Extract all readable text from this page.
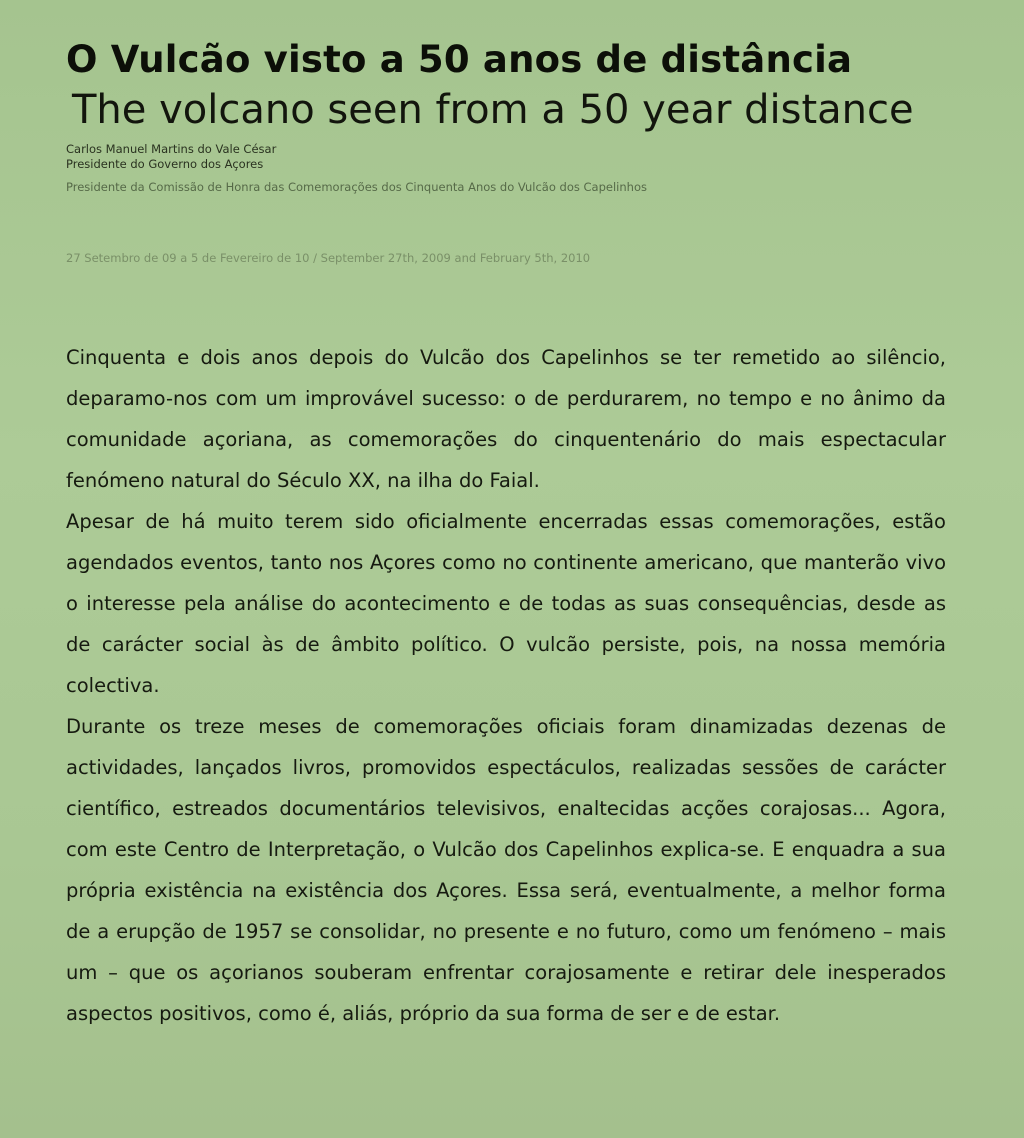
O Vulcão visto a 50 anos de distância
The volcano seen from a 50 year distance
Carlos Manuel Martins do Vale César
Presidente do Governo dos Açores
Presidente da Comissão de Honra das Comemorações dos Cinquenta Anos do Vulcão dos Capelinhos
27 Setembro de 09 a 5 de Fevereiro de 10 / September 27th, 2009 and February 5th, 2010

Cinquenta e dois anos depois do Vulcão dos Capelinhos se ter remetido ao silêncio, deparamo-nos com um improvável sucesso: o de perdurarem, no tempo e no ânimo da comunidade açoriana, as comemorações do cinquentenário do mais espectacular fenómeno natural do Século XX, na ilha do Faial.

Apesar de há muito terem sido oficialmente encerradas essas comemorações, estão agendados eventos, tanto nos Açores como no continente americano, que manterão vivo o interesse pela análise do acontecimento e de todas as suas consequências, desde as de carácter social às de âmbito político. O vulcão persiste, pois, na nossa memória colectiva.

Durante os treze meses de comemorações oficiais foram dinamizadas dezenas de actividades, lançados livros, promovidos espectáculos, realizadas sessões de carácter científico, estreados documentários televisivos, enaltecidas acções corajosas... Agora, com este Centro de Interpretação, o Vulcão dos Capelinhos explica-se. E enquadra a sua própria existência na existência dos Açores. Essa será, eventualmente, a melhor forma de a erupção de 1957 se consolidar, no presente e no futuro, como um fenómeno – mais um – que os açorianos souberam enfrentar corajosamente e retirar dele inesperados aspectos positivos, como é, aliás, próprio da sua forma de ser e de estar.
